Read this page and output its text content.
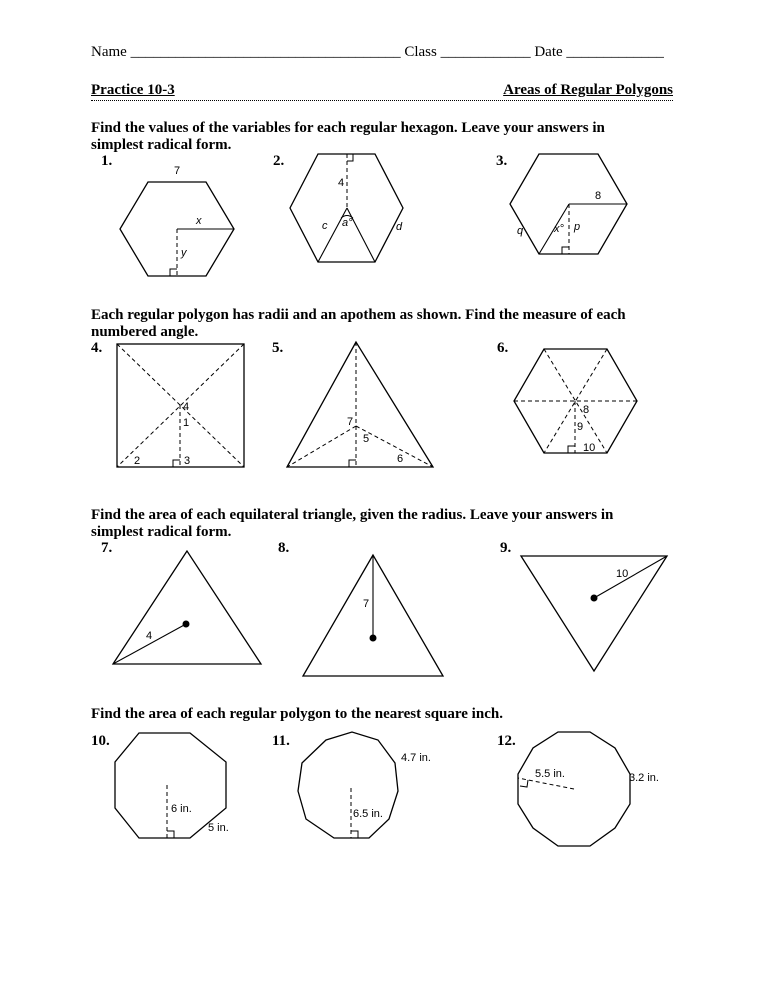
Name ____________________________________ Class ____________ Date _____________
Practice 10-3	Areas of Regular Polygons
Find the values of the variables for each regular hexagon. Leave your answers in simplest radical form.
1.	2.	3.
7
x
y
4
c a°	d
8
q	x° p
Each regular polygon has radii and an apothem as shown. Find the measure of each numbered angle.
4.	5.	6.
4
1
2	3
7
5
6
8
9
10
Find the area of each equilateral triangle, given the radius. Leave your answers in simplest radical form.
7.	8.	9.
4
7
10
Find the area of each regular polygon to the nearest square inch.
10.	11.	12.
6 in.
5 in.
4.7 in.
6.5 in.
5.5 in.	3.2 in.
